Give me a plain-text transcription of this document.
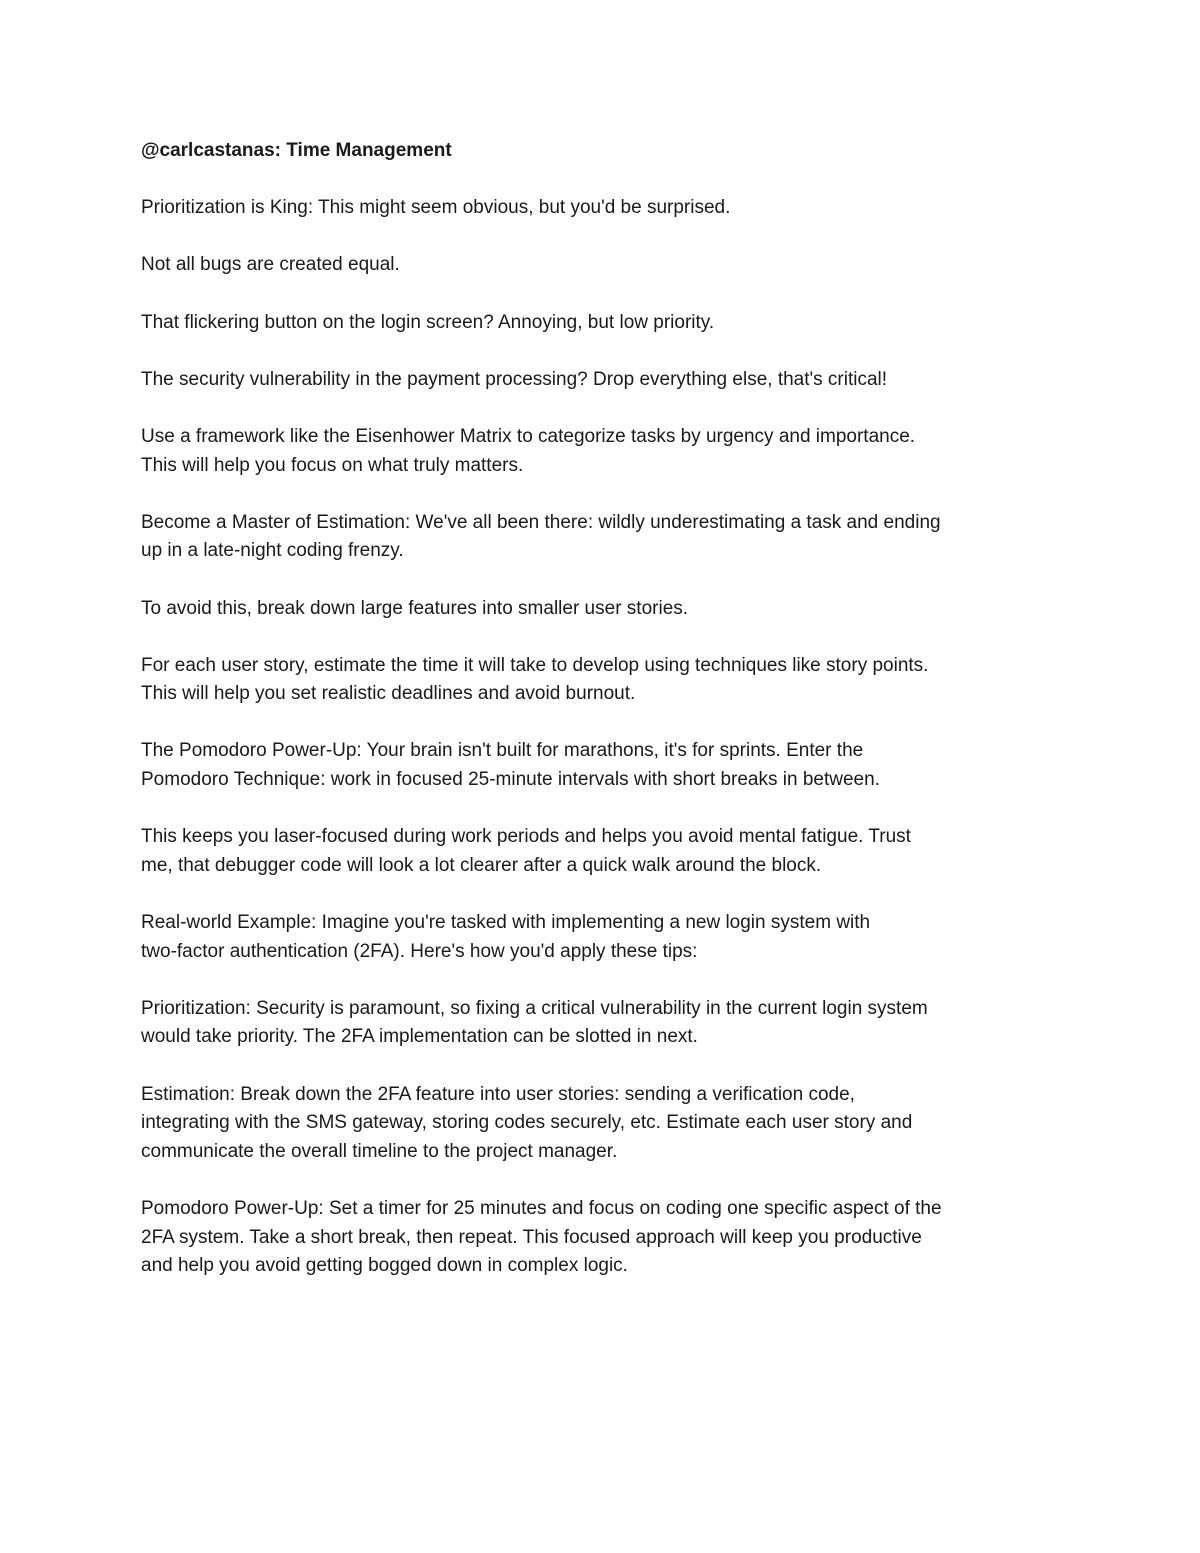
@carlcastanas: Time Management
Prioritization is King: This might seem obvious, but you'd be surprised.
Not all bugs are created equal.
That flickering button on the login screen? Annoying, but low priority.
The security vulnerability in the payment processing? Drop everything else, that's critical!
Use a framework like the Eisenhower Matrix to categorize tasks by urgency and importance.
This will help you focus on what truly matters.
Become a Master of Estimation: We've all been there: wildly underestimating a task and ending
up in a late-night coding frenzy.
To avoid this, break down large features into smaller user stories.
For each user story, estimate the time it will take to develop using techniques like story points.
This will help you set realistic deadlines and avoid burnout.
The Pomodoro Power-Up: Your brain isn't built for marathons, it's for sprints. Enter the
Pomodoro Technique: work in focused 25-minute intervals with short breaks in between.
This keeps you laser-focused during work periods and helps you avoid mental fatigue. Trust
me, that debugger code will look a lot clearer after a quick walk around the block.
Real-world Example: Imagine you're tasked with implementing a new login system with
two-factor authentication (2FA). Here's how you'd apply these tips:
Prioritization: Security is paramount, so fixing a critical vulnerability in the current login system
would take priority. The 2FA implementation can be slotted in next.
Estimation: Break down the 2FA feature into user stories: sending a verification code,
integrating with the SMS gateway, storing codes securely, etc. Estimate each user story and
communicate the overall timeline to the project manager.
Pomodoro Power-Up: Set a timer for 25 minutes and focus on coding one specific aspect of the
2FA system. Take a short break, then repeat. This focused approach will keep you productive
and help you avoid getting bogged down in complex logic.
